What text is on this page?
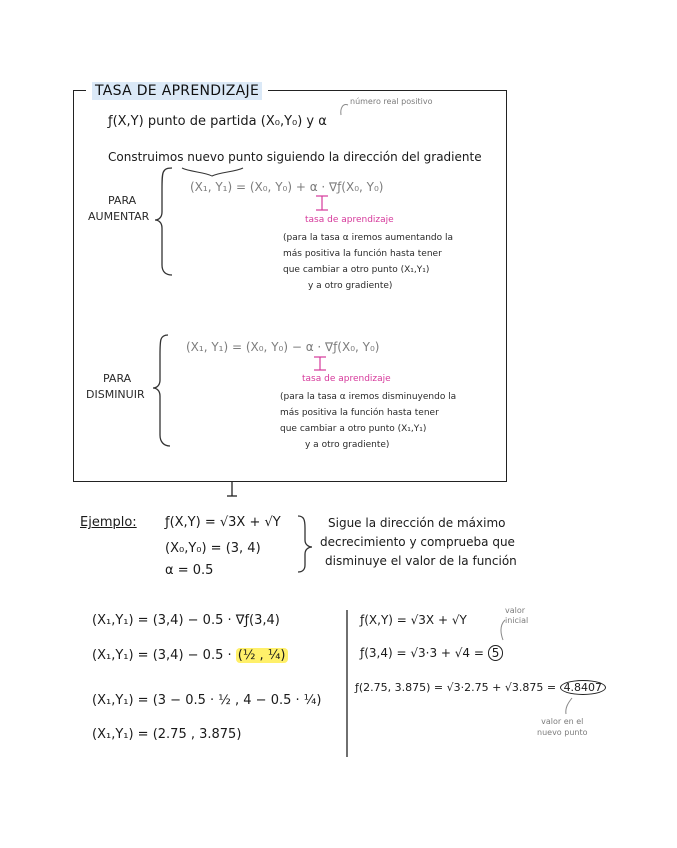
TASA DE APRENDIZAJE
ƒ(X,Y) punto de partida (X₀,Y₀) y α
número real positivo
Construimos nuevo punto siguiendo la dirección del gradiente
PARA
AUMENTAR
(X₁, Y₁) = (X₀, Y₀) + α · ∇ƒ(X₀, Y₀)
tasa de aprendizaje
(para la tasa α iremos aumentando la
más positiva la función hasta tener
que cambiar a otro punto (X₁,Y₁)
y a otro gradiente)
PARA
DISMINUIR
(X₁, Y₁) = (X₀, Y₀) − α · ∇ƒ(X₀, Y₀)
tasa de aprendizaje
(para la tasa α iremos disminuyendo la
más positiva la función hasta tener
que cambiar a otro punto (X₁,Y₁)
y a otro gradiente)
Ejemplo: ƒ(X,Y) = √3X + √Y
(X₀,Y₀) = (3, 4)
α = 0.5
Sigue la dirección de máximo
decrecimiento y comprueba que
disminuye el valor de la función
(X₁,Y₁) = (3,4) − 0.5 · ∇ƒ(3,4)
(X₁,Y₁) = (3,4) − 0.5 · (½ , ¼)
(X₁,Y₁) = (3 − 0.5 · ½ , 4 − 0.5 · ¼)
(X₁,Y₁) = (2.75 , 3.875)
ƒ(X,Y) = √3X + √Y
valor
inicial
ƒ(3,4) = √3·3 + √4 = 5
ƒ(2.75, 3.875) = √3·2.75 + √3.875 = 4.8407
valor en el
nuevo punto
